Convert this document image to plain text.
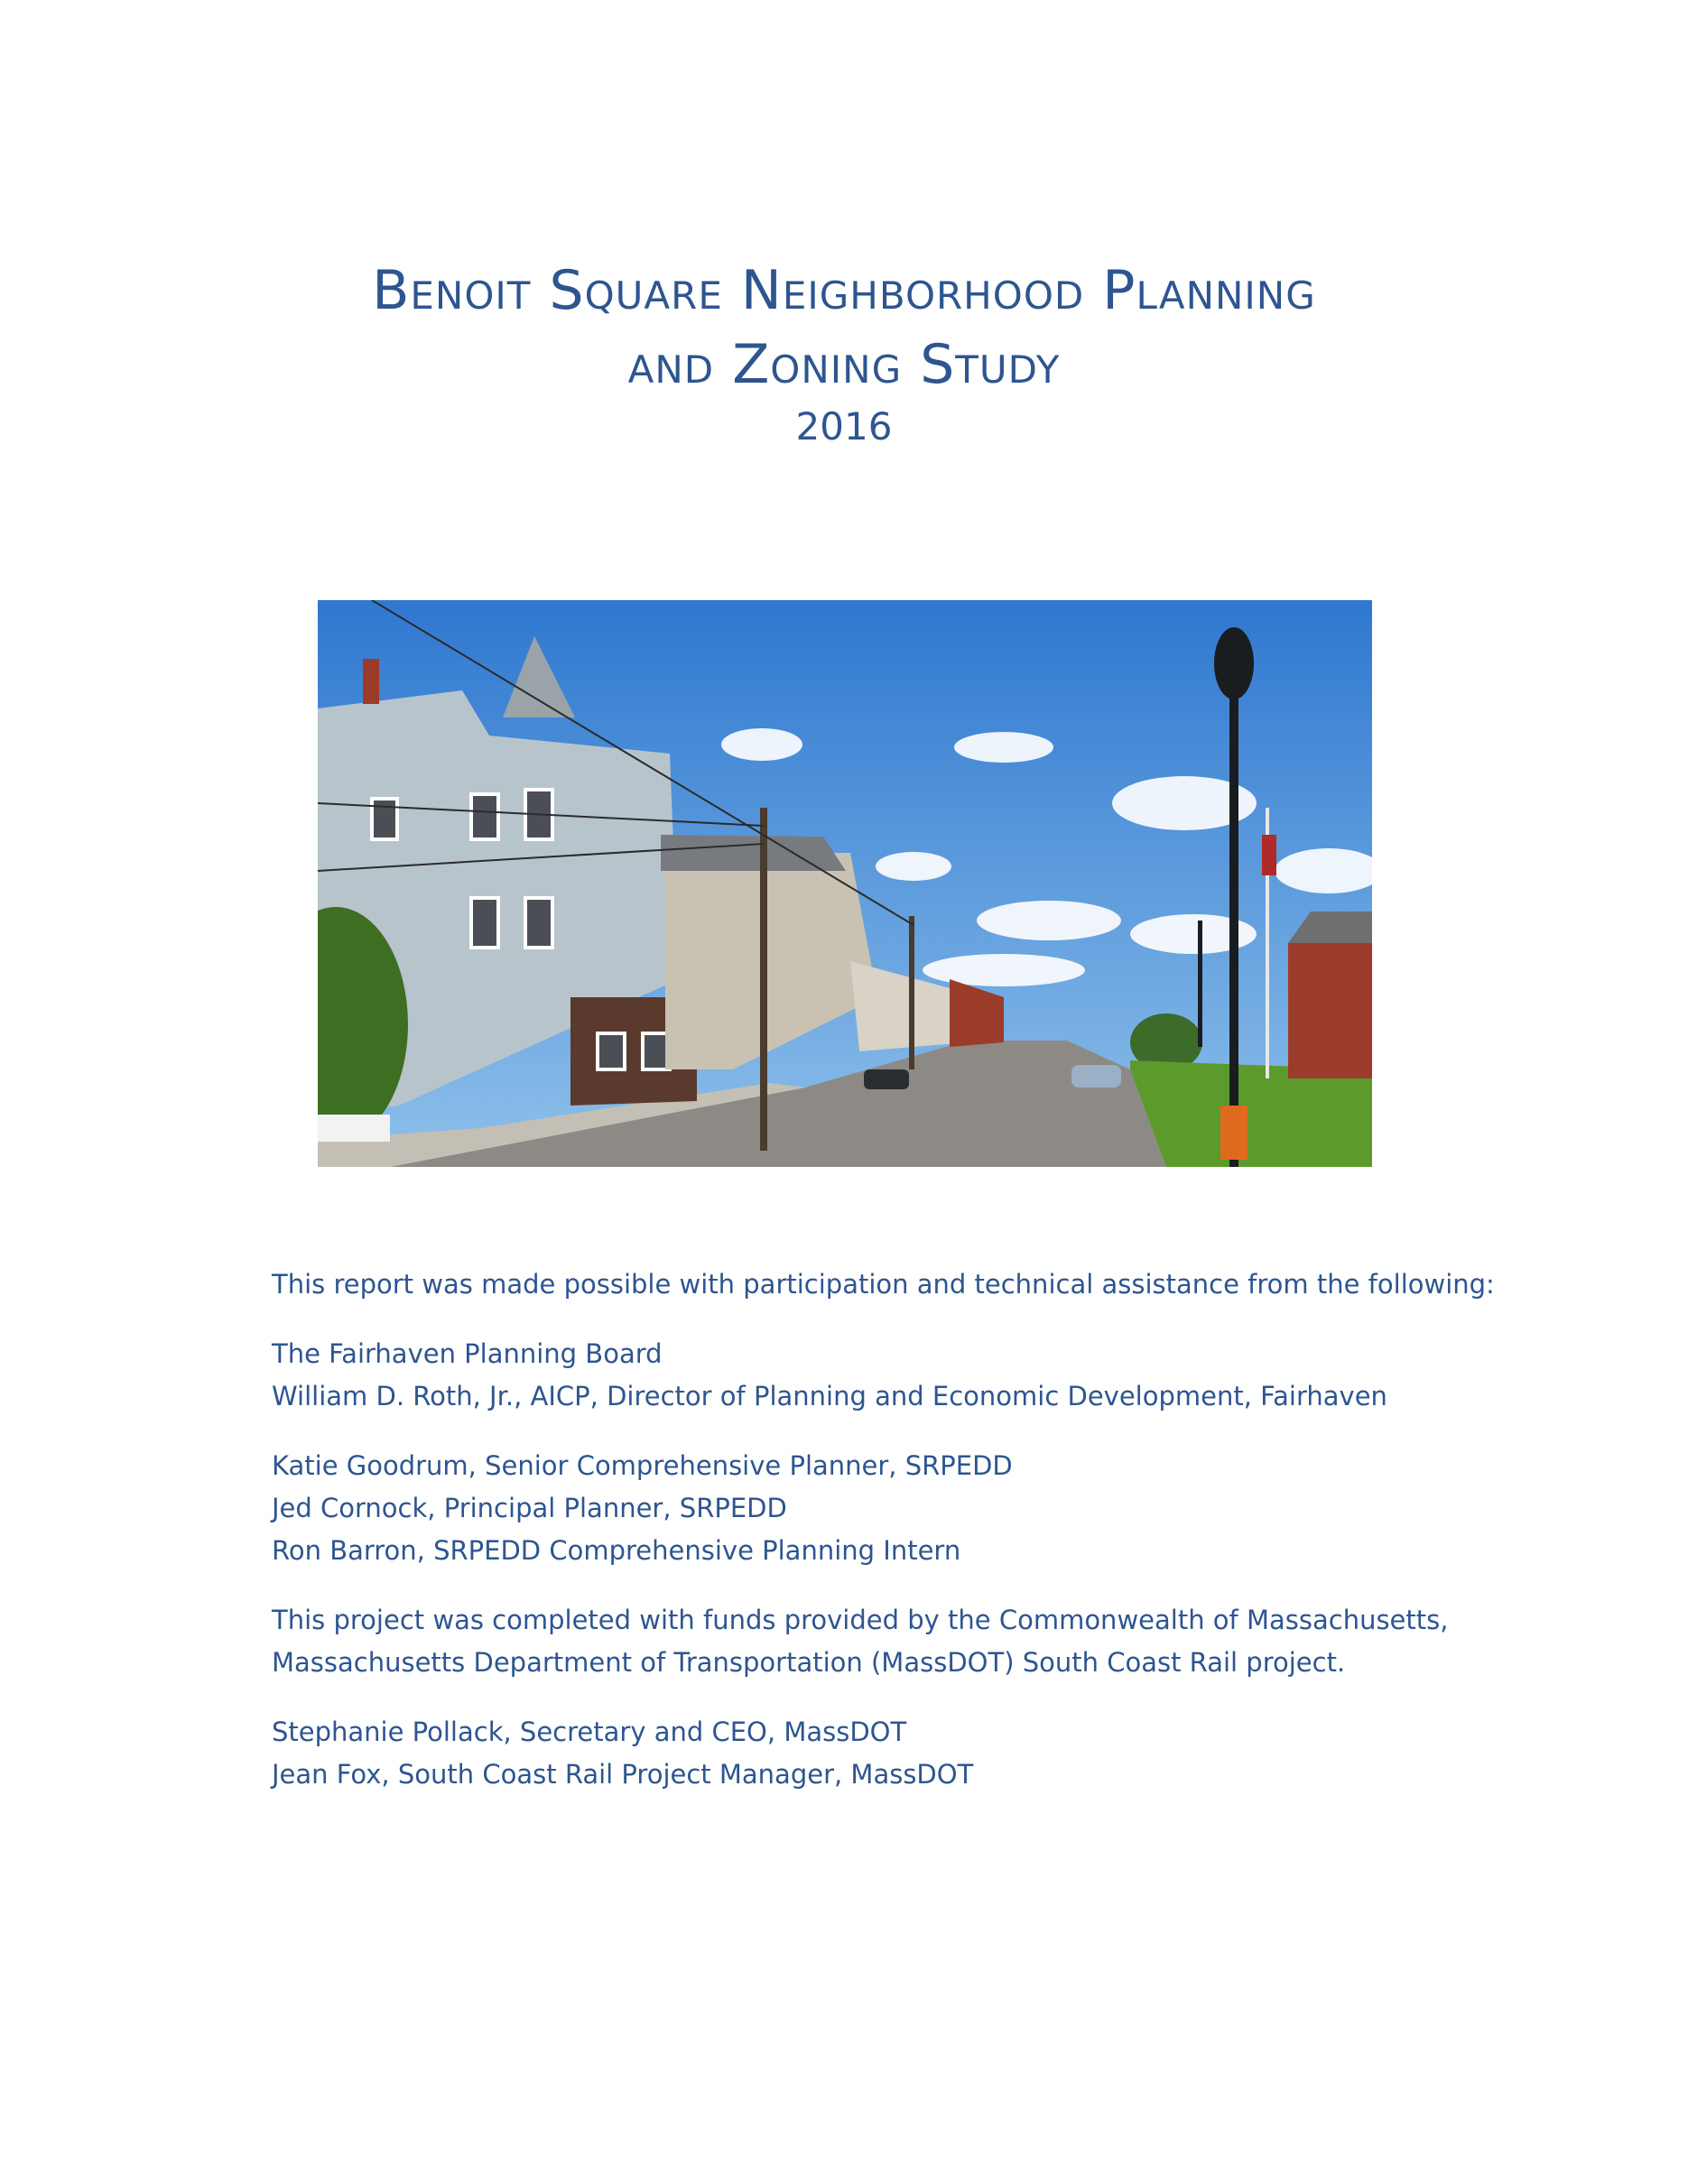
Benoit Square Neighborhood Planning
and Zoning Study
2016

This report was made possible with participation and technical assistance from the following:

The Fairhaven Planning Board
William D. Roth, Jr., AICP, Director of Planning and Economic Development, Fairhaven

Katie Goodrum, Senior Comprehensive Planner, SRPEDD
Jed Cornock, Principal Planner, SRPEDD
Ron Barron, SRPEDD Comprehensive Planning Intern

This project was completed with funds provided by the Commonwealth of Massachusetts,
Massachusetts Department of Transportation (MassDOT) South Coast Rail project.

Stephanie Pollack, Secretary and CEO, MassDOT
Jean Fox, South Coast Rail Project Manager, MassDOT
